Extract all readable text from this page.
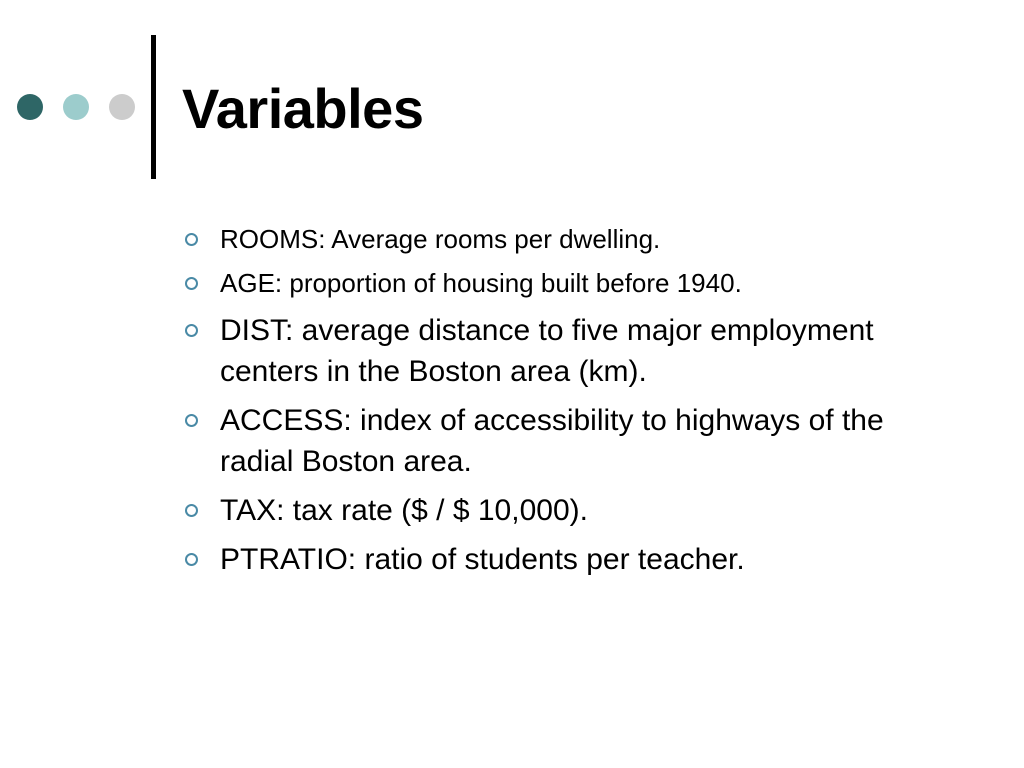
Variables
ROOMS: Average rooms per dwelling.
AGE: proportion of housing built before 1940.
DIST: average distance to five major employment centers in the Boston area (km).
ACCESS: index of accessibility to highways of the radial Boston area.
TAX: tax rate ($ / $ 10,000).
PTRATIO: ratio of students per teacher.
